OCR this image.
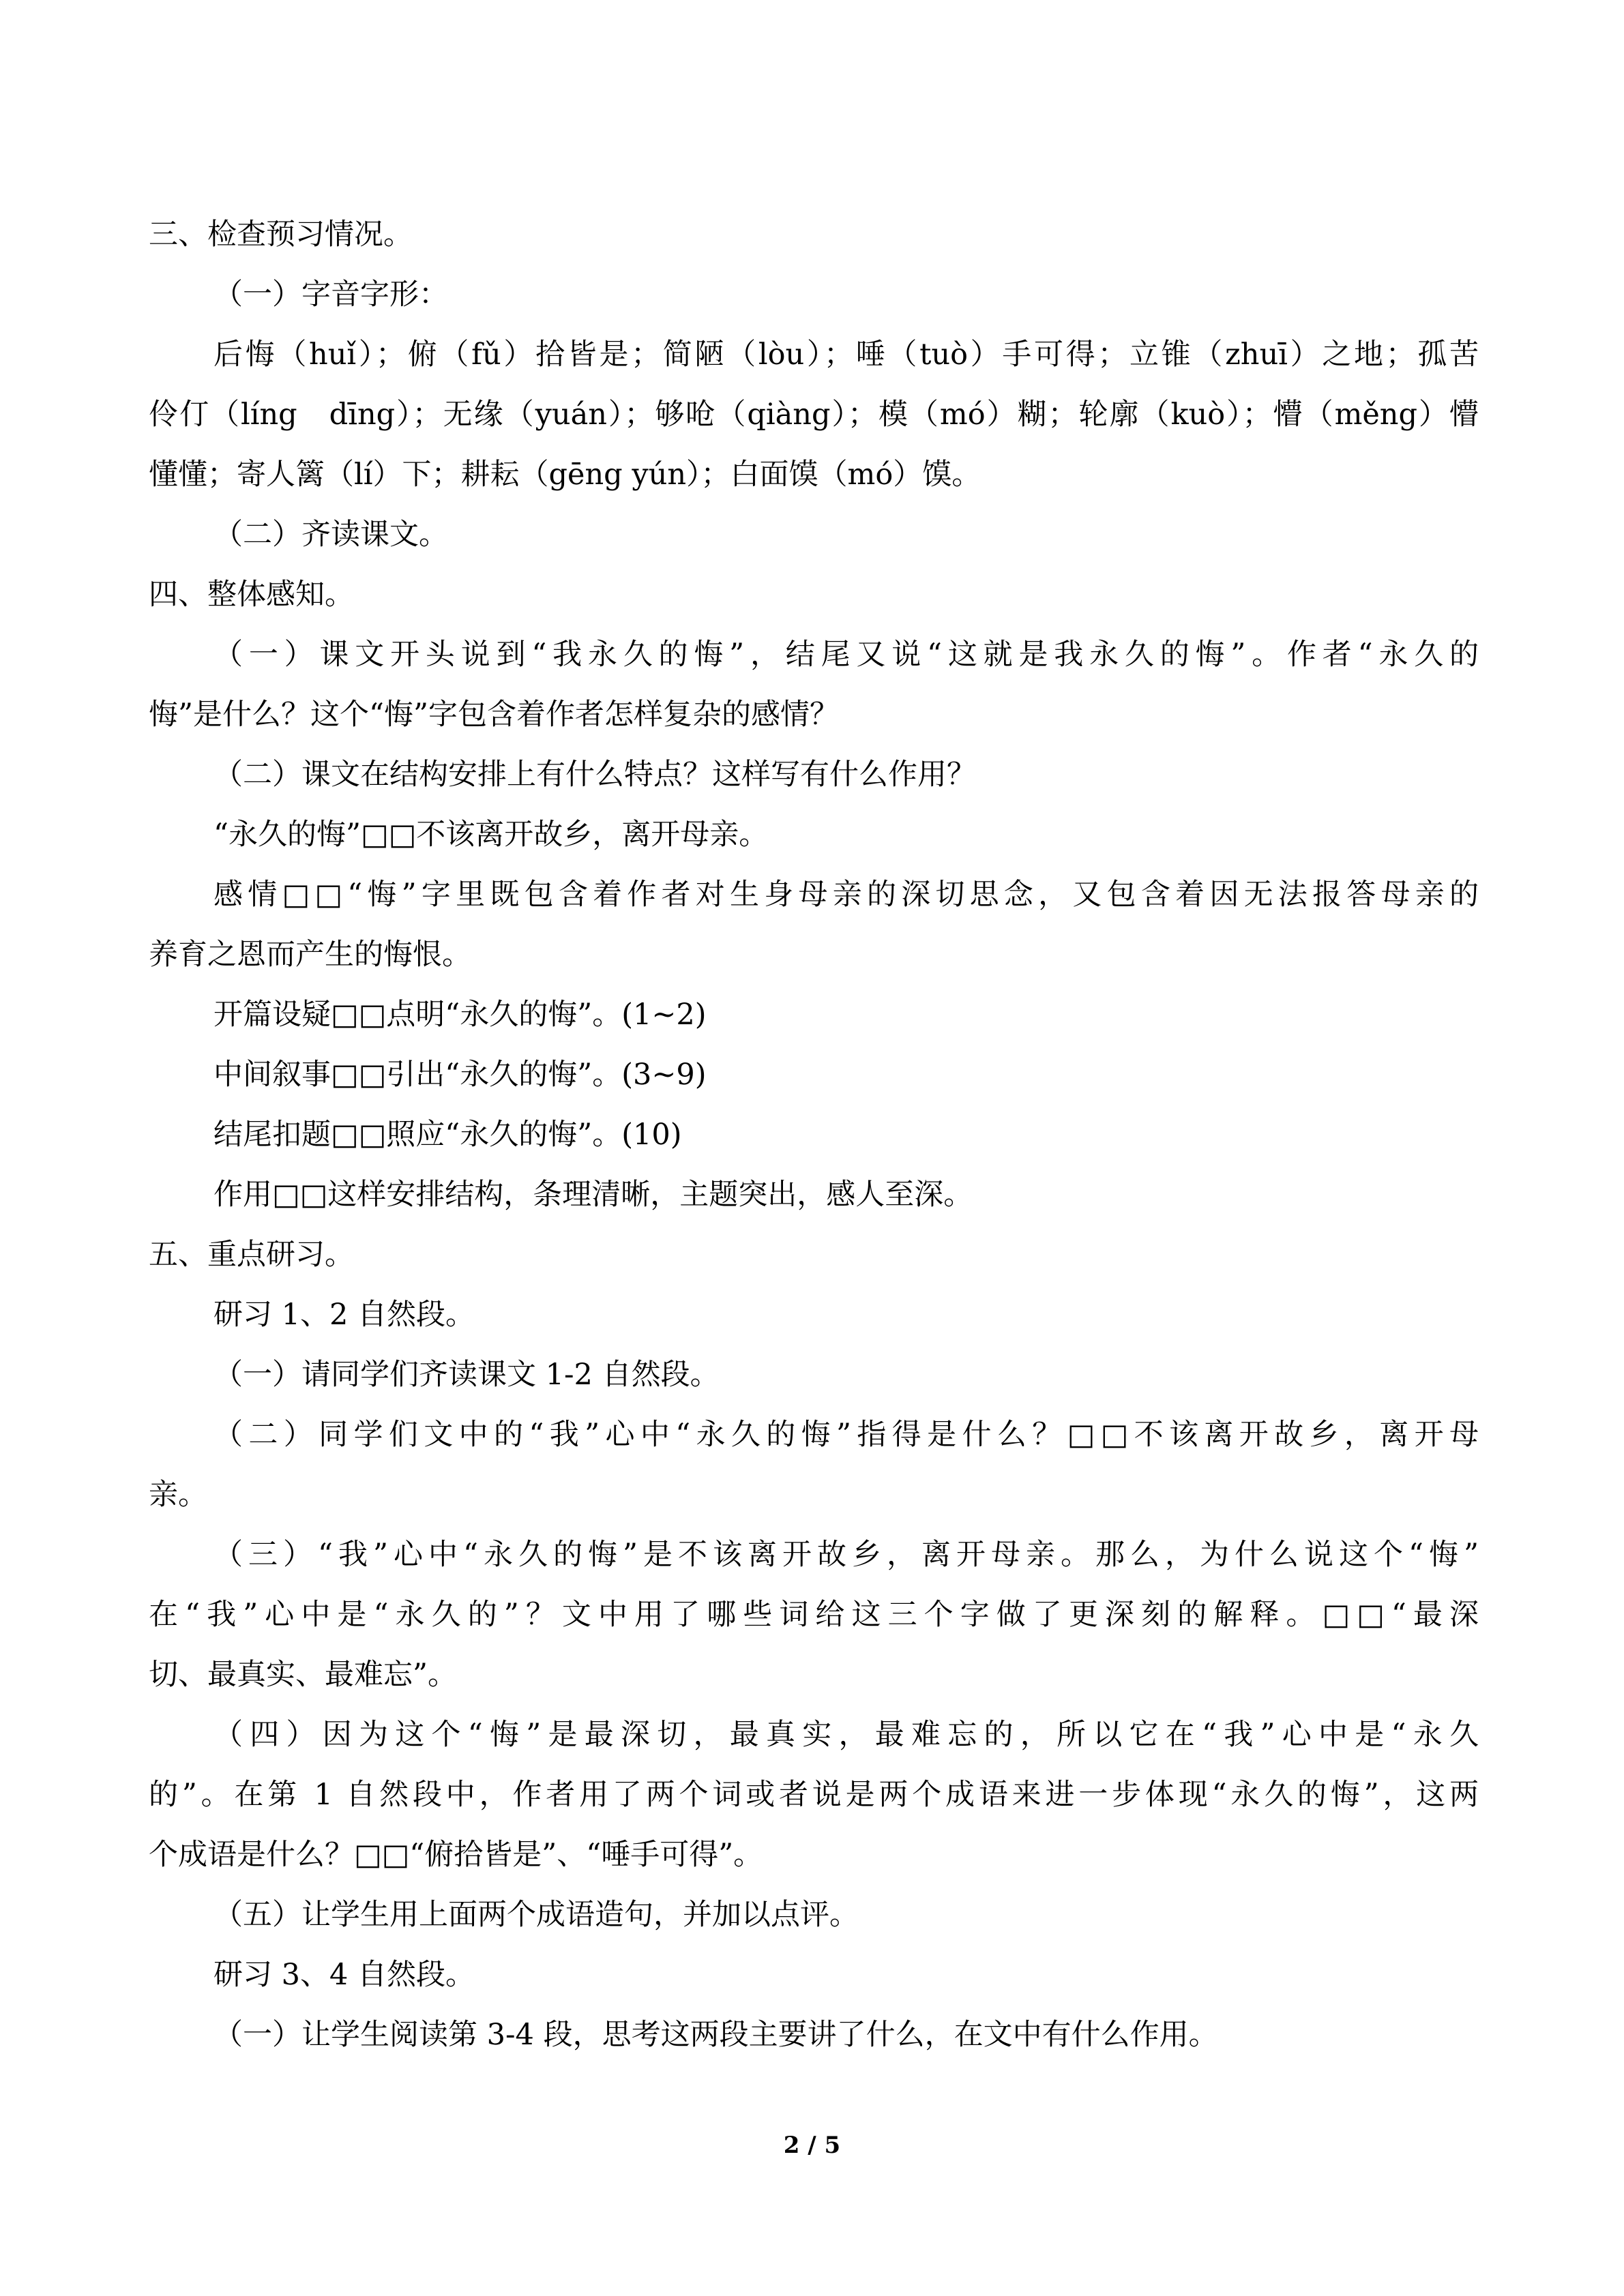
三、检查预习情况。
（一）字音字形：
后悔（huǐ）；俯（fǔ）拾皆是；简陋（lòu）；唾（tuò）手可得；立锥（zhuī）之地；孤苦
伶仃（líng　dīng）；无缘（yuán）；够呛（qiàng）；模（mó）糊；轮廓（kuò）；懵（měng）懵
懂懂；寄人篱（lí）下；耕耘（gēng yún）；白面馍（mó）馍。
（二）齐读课文。
四、整体感知。
（一）课文开头说到“我永久的悔”，结尾又说“这就是我永久的悔”。作者“永久的
悔”是什么？这个“悔”字包含着作者怎样复杂的感情？
（二）课文在结构安排上有什么特点？这样写有什么作用？
“永久的悔”□□不该离开故乡，离开母亲。
感情□□“悔”字里既包含着作者对生身母亲的深切思念，又包含着因无法报答母亲的
养育之恩而产生的悔恨。
开篇设疑□□点明“永久的悔”。(1~2)
中间叙事□□引出“永久的悔”。(3~9)
结尾扣题□□照应“永久的悔”。(10)
作用□□这样安排结构，条理清晰，主题突出，感人至深。
五、重点研习。
研习 1、2 自然段。
（一）请同学们齐读课文 1-2 自然段。
（二）同学们文中的“我”心中“永久的悔”指得是什么？□□不该离开故乡，离开母
亲。
（三）“我”心中“永久的悔”是不该离开故乡，离开母亲。那么，为什么说这个“悔”
在“我”心中是“永久的”？文中用了哪些词给这三个字做了更深刻的解释。□□“最深
切、最真实、最难忘”。
（四）因为这个“悔”是最深切，最真实，最难忘的，所以它在“我”心中是“永久
的”。在第 1 自然段中，作者用了两个词或者说是两个成语来进一步体现“永久的悔”，这两
个成语是什么？□□“俯拾皆是”、“唾手可得”。
（五）让学生用上面两个成语造句，并加以点评。
研习 3、4 自然段。
（一）让学生阅读第 3-4 段，思考这两段主要讲了什么，在文中有什么作用。
2 / 5
